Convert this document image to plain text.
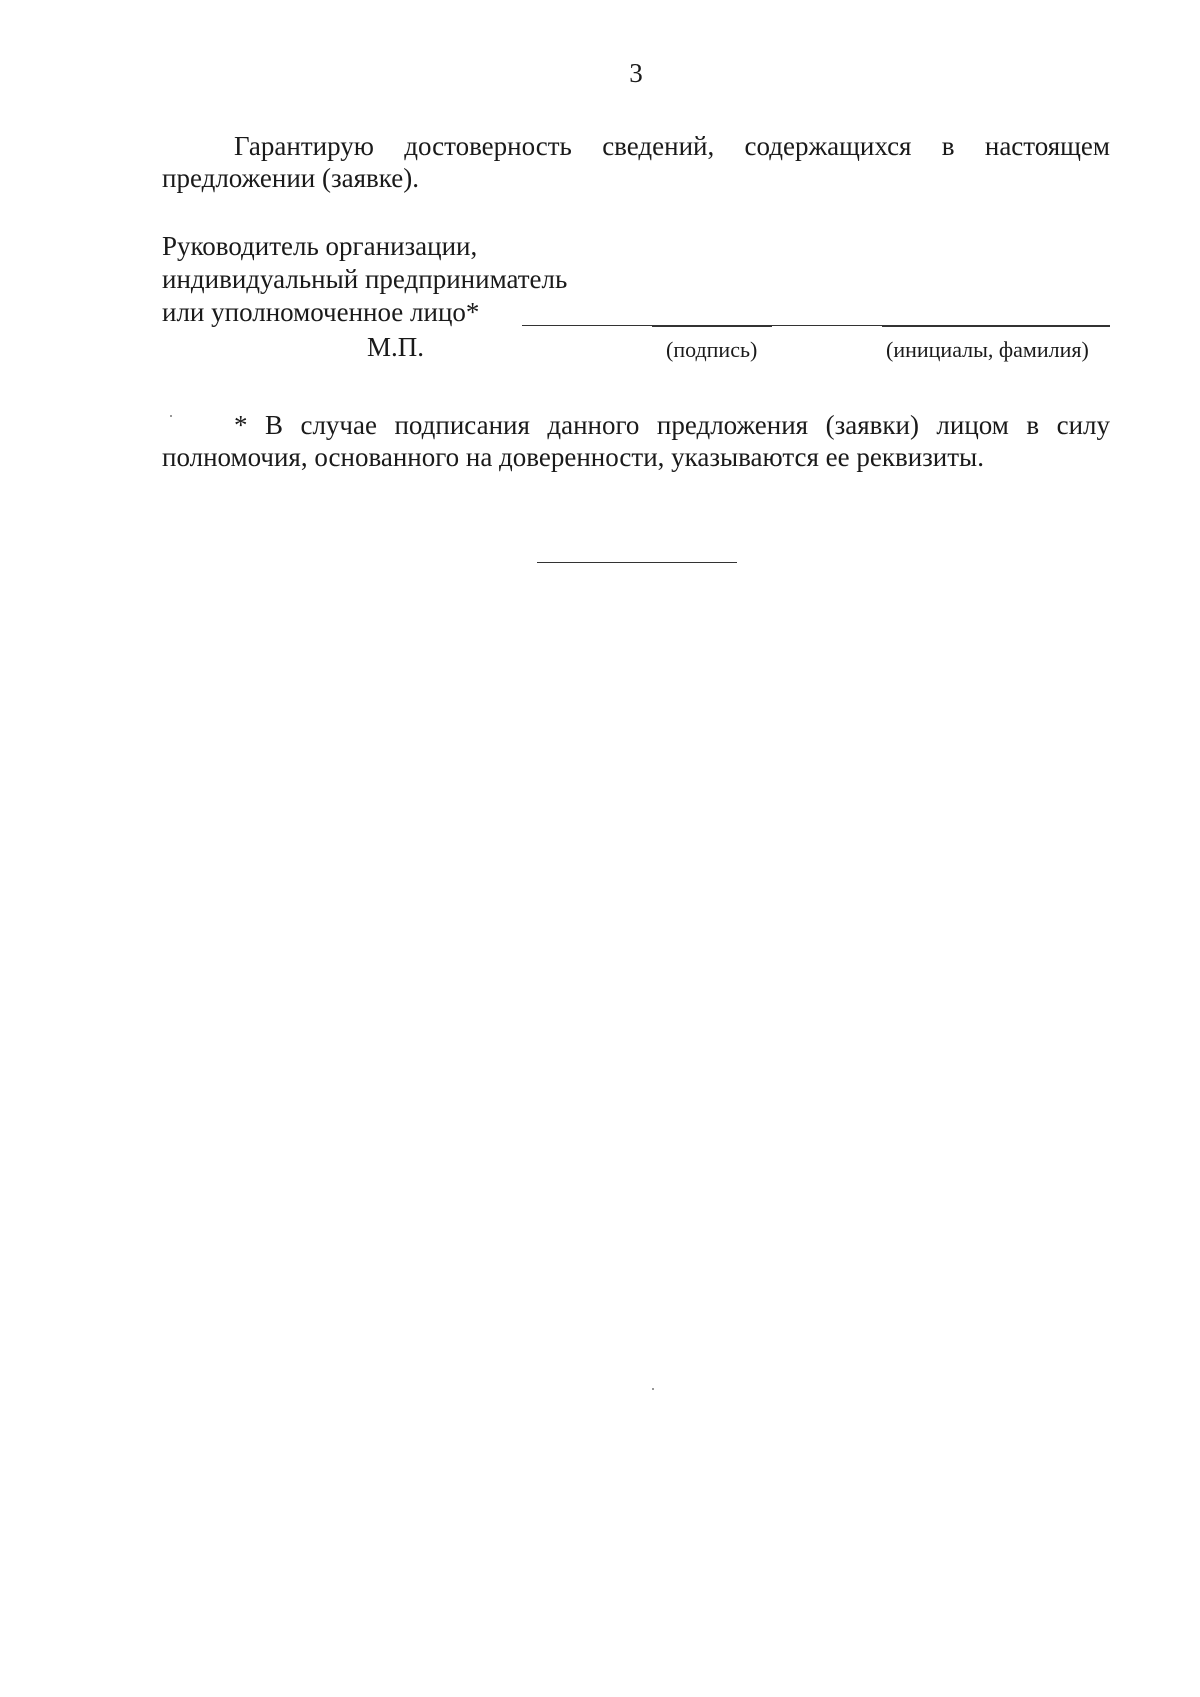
3
Гарантирую достоверность сведений, содержащихся в настоящем
предложении (заявке).
Руководитель организации,
индивидуальный предприниматель
или уполномоченное лицо*
М.П.	(подпись)	(инициалы, фамилия)
* В случае подписания данного предложения (заявки) лицом в силу
полномочия, основанного на доверенности, указываются ее реквизиты.
